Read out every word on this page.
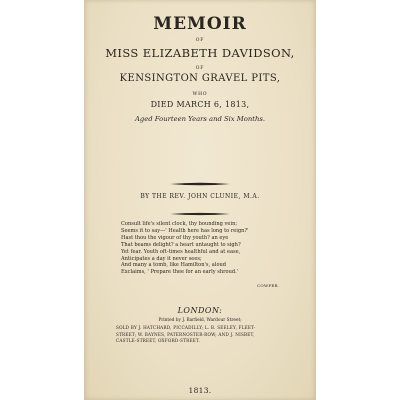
MEMOIR
OF
MISS ELIZABETH DAVIDSON,
OF
KENSINGTON GRAVEL PITS,
WHO
DIED MARCH 6, 1813,
Aged Fourteen Years and Six Months.
BY THE REV. JOHN CLUNIE, M.A.
Consult life's silent clock, thy bounding vein;
Seems it to say—' Health here has long to reign?'
Hast thou the vigour of thy youth? an eye
That beams delight? a heart untaught to sigh?
Yet fear. Youth oft-times healthful and at ease,
Anticipates a day it never sees;
And many a tomb, like Hamilton's, aloud
Exclaims, ' Prepare thee for an early shroud.'
COWPER.
LONDON:
Printed by J. Barfield, Wardour Street;
SOLD BY J. HATCHARD, PICCADILLY; L. B. SEELEY, FLEET-
STREET; W. BAYNES, PATERNOSTER-ROW; AND J. NISBET,
CASTLE-STREET, OXFORD-STREET.
1813.
